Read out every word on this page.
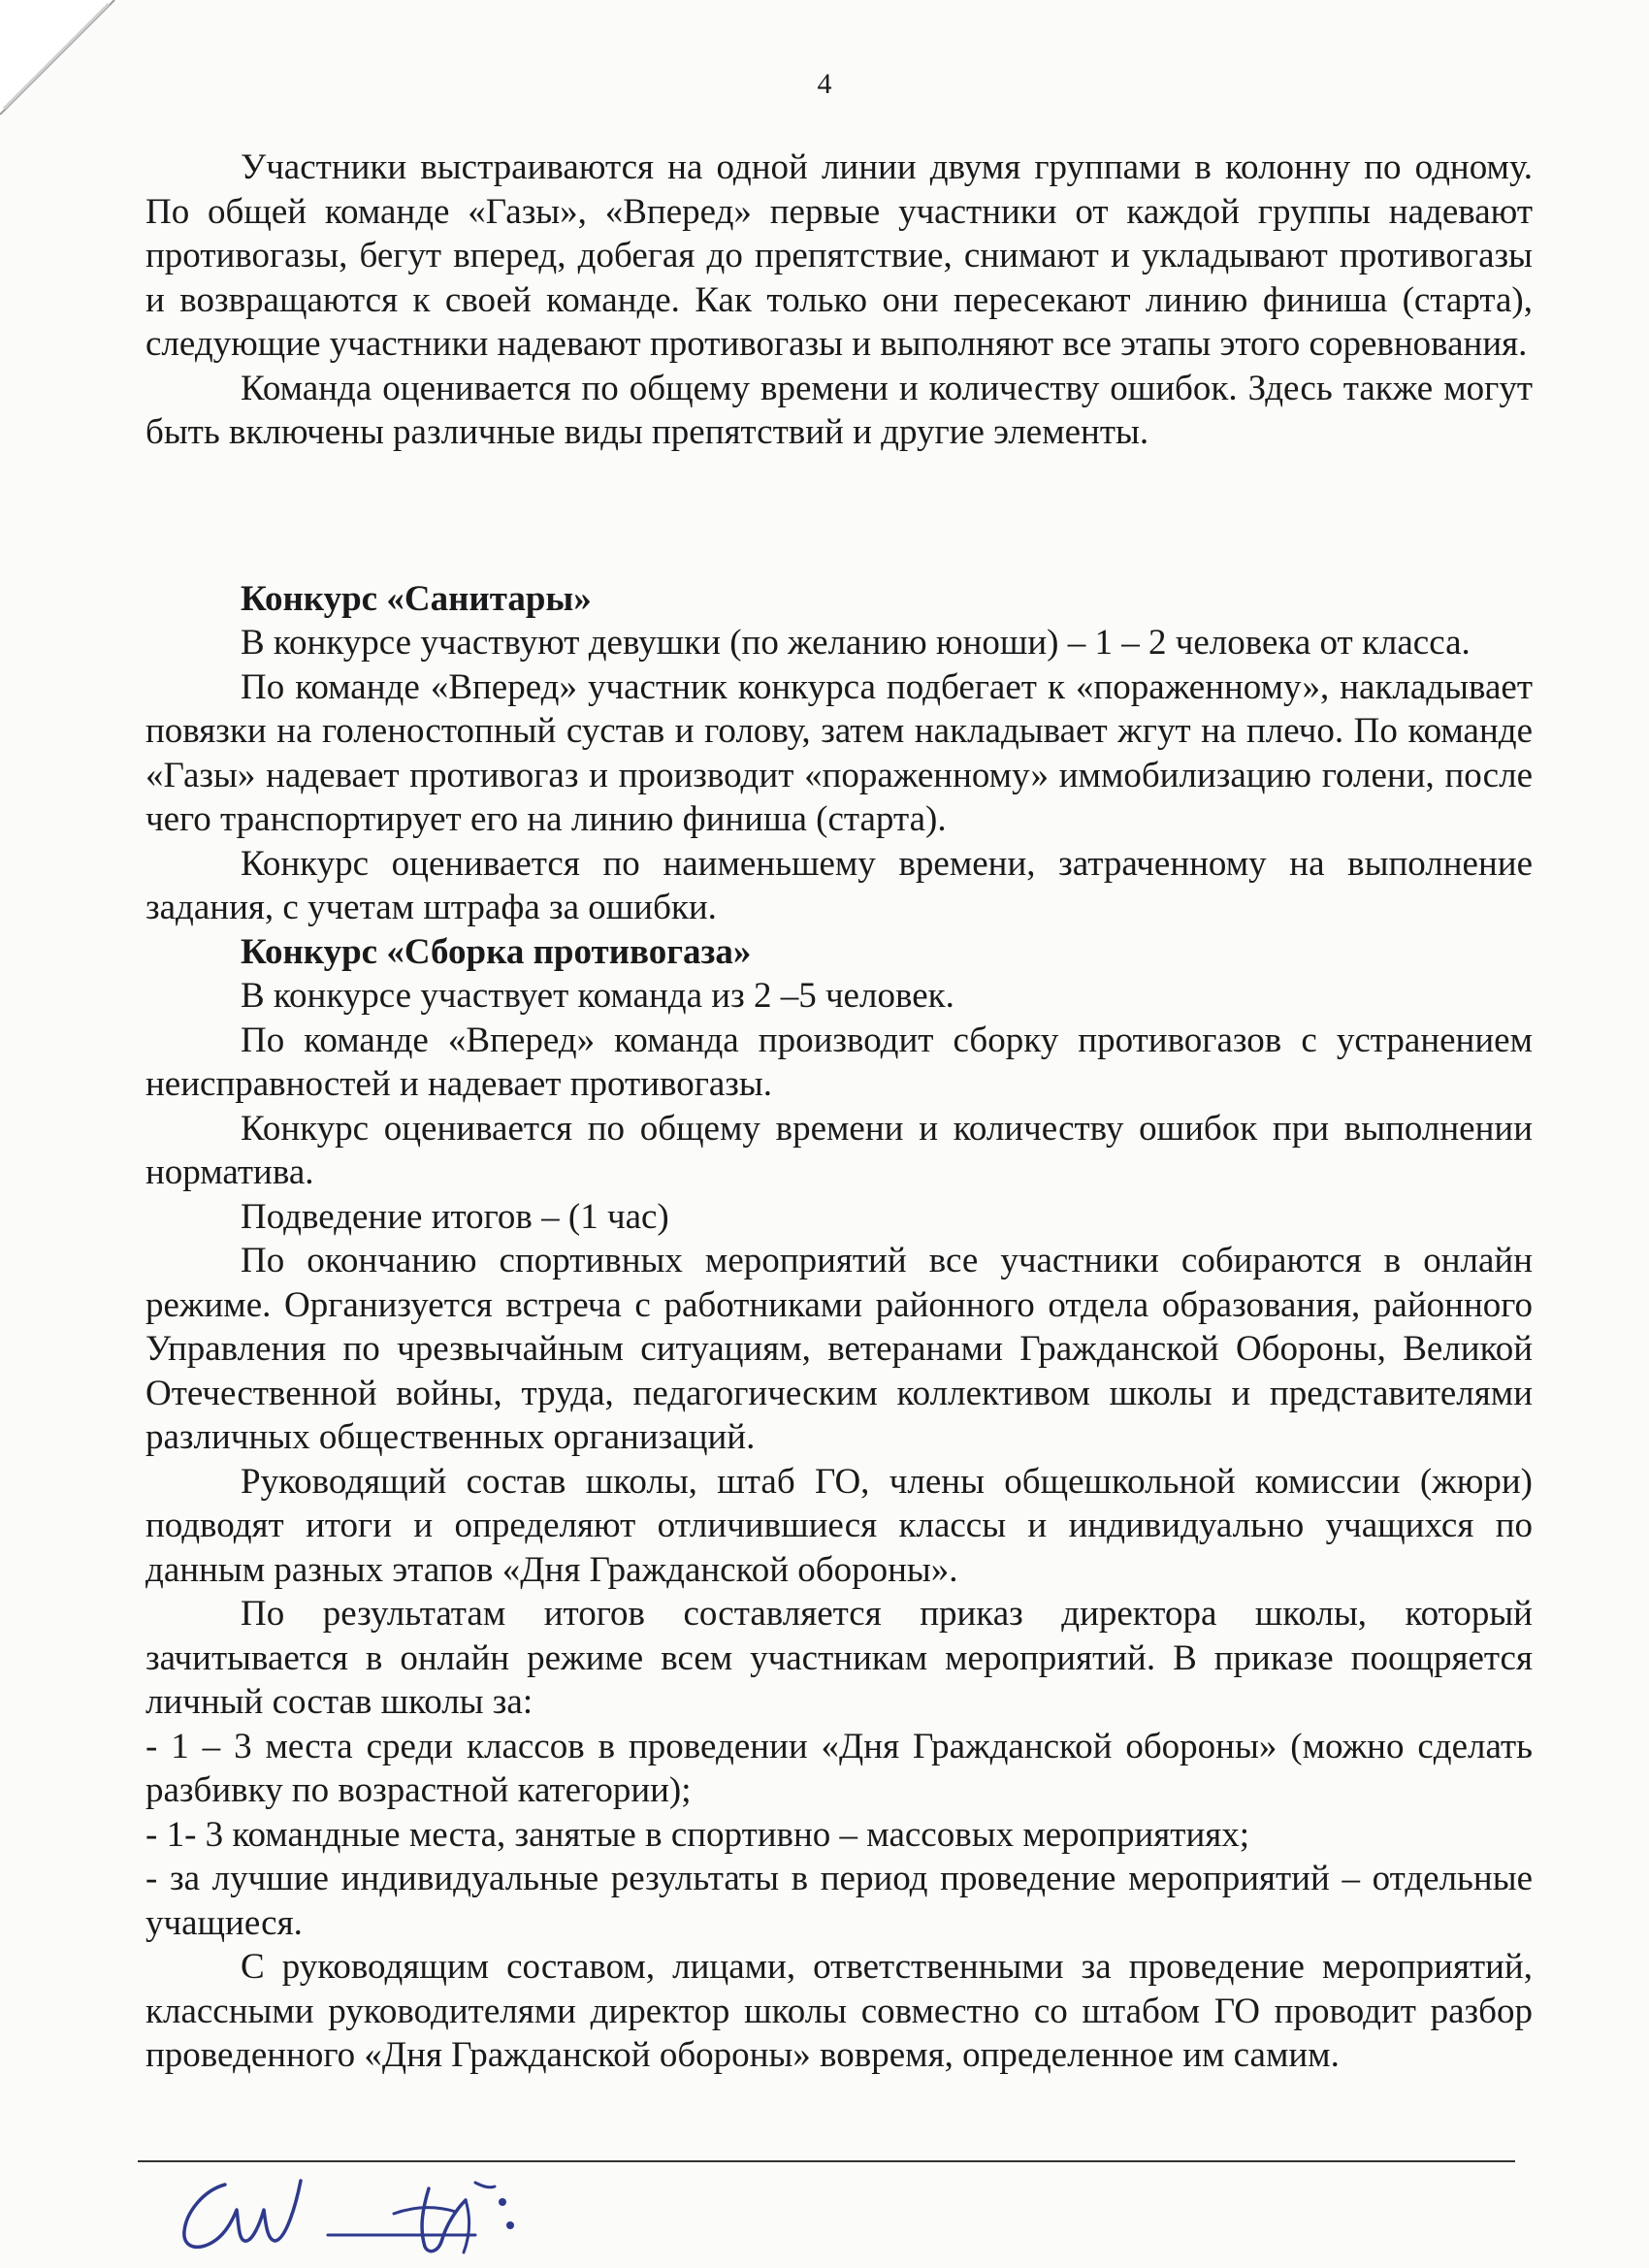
4

Участники выстраиваются на одной линии двумя группами в колонну по одному. По общей команде «Газы», «Вперед» первые участники от каждой группы надевают противогазы, бегут вперед, добегая до препятствие, снимают и укладывают противогазы и возвращаются к своей команде. Как только они пересекают линию финиша (старта), следующие участники надевают противогазы и выполняют все этапы этого соревнования.

Команда оценивается по общему времени и количеству ошибок. Здесь также могут быть включены различные виды препятствий и другие элементы.

Конкурс «Санитары»

В конкурсе участвуют девушки (по желанию юноши) – 1 – 2 человека от класса.

По команде «Вперед» участник конкурса подбегает к «пораженному», накладывает повязки на голеностопный сустав и голову, затем накладывает жгут на плечо. По команде «Газы» надевает противогаз и производит «пораженному» иммобилизацию голени, после чего транспортирует его на линию финиша (старта).

Конкурс оценивается по наименьшему времени, затраченному на выполнение задания, с учетам штрафа за ошибки.

Конкурс «Сборка противогаза»

В конкурсе участвует команда из 2 –5 человек.

По команде «Вперед» команда производит сборку противогазов с устранением неисправностей и надевает противогазы.

Конкурс оценивается по общему времени и количеству ошибок при выполнении норматива.

Подведение итогов – (1 час)

По окончанию спортивных мероприятий все участники собираются в онлайн режиме. Организуется встреча с работниками районного отдела образования, районного Управления по чрезвычайным ситуациям, ветеранами Гражданской Обороны, Великой Отечественной войны, труда, педагогическим коллективом школы и представителями различных общественных организаций.

Руководящий состав школы, штаб ГО, члены общешкольной комиссии (жюри) подводят итоги и определяют отличившиеся классы и индивидуально учащихся по данным разных этапов «Дня Гражданской обороны».

По результатам итогов составляется приказ директора школы, который зачитывается в онлайн режиме всем участникам мероприятий. В приказе поощряется личный состав школы за:

- 1 – 3 места среди классов в проведении «Дня Гражданской обороны» (можно сделать разбивку по возрастной категории);

- 1- 3 командные места, занятые в спортивно – массовых мероприятиях;

- за лучшие индивидуальные результаты в период проведение мероприятий – отдельные учащиеся.

С руководящим составом, лицами, ответственными за проведение мероприятий, классными руководителями директор школы совместно со штабом ГО проводит разбор проведенного «Дня Гражданской обороны» вовремя, определенное им самим.
